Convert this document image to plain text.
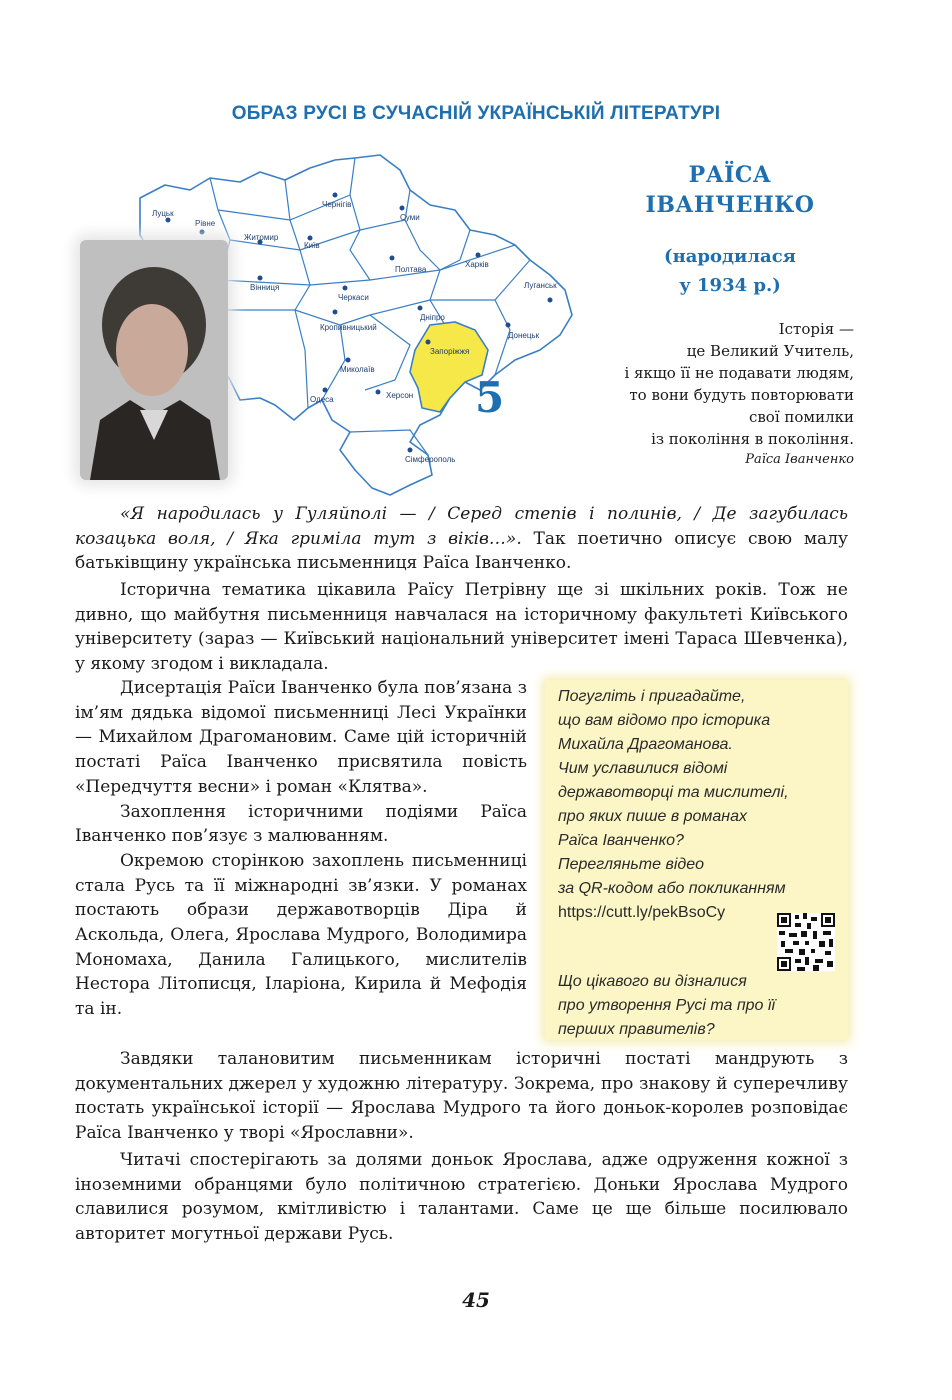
ОБРАЗ РУСІ В СУЧАСНІЙ УКРАЇНСЬКІЙ ЛІТЕРАТУРІ
5
Луцьк
Рівне
Житомир
Київ
Чернігів
Суми
Харків
Полтава
Вінниця
Черкаси
Луганськ
Кропивницький
Дніпро
Донецьк
Запоріжжя
Миколаїв
Одеса	Херсон
Сімферополь
РАЇСА
ІВАНЧЕНКО
(народилася
у 1934 р.)
Історія —
це Великий Учитель,
і якщо її не подавати людям,
то вони будуть повторювати
свої помилки
із покоління в покоління.
Раїса Іванченко

«Я народилась у Гуляйполі — / Серед степів і полинів, / Де загубилась козацька воля, / Яка гриміла тут з віків…». Так поетично описує свою малу батьківщину українська письменниця Раїса Іванченко.

Історична тематика цікавила Раїсу Петрівну ще зі шкільних років. Тож не дивно, що майбутня письменниця навчалася на історичному факультеті Київського університету (зараз — Київський національний університет імені Тараса Шевченка), у якому згодом і викладала.

Дисертація Раїси Іванченко була пов’язана з ім’ям дядька відомої письменниці Лесі Українки — Михайлом Драгомановим. Саме цій історичній постаті Раїса Іванченко присвятила повість «Передчуття весни» і роман «Клятва».

Захоплення історичними подіями Раїса Іванченко пов’язує з малюванням.

Окремою сторінкою захоплень письменниці стала Русь та її міжнародні зв’язки. У романах постають образи державотворців Діра й Аскольда, Олега, Ярослава Мудрого, Володимира Мономаха, Данила Галицького, мислителів Нестора Літописця, Іларіона, Кирила й Мефодія та ін.

Погугліть і пригадайте,
що вам відомо про історика
Михайла Драгоманова.
Чим уславилися відомі
державотворці та мислителі,
про яких пише в романах
Раїса Іванченко?
Перегляньте відео
за QR-кодом або покликанням
https://cutt.ly/pekBsoCy
Що цікавого ви дізналися
про утворення Русі та про її
перших правителів?

Завдяки талановитим письменникам історичні постаті мандрують з документальних джерел у художню літературу. Зокрема, про знакову й суперечливу постать української історії — Ярослава Мудрого та його доньок-королев розповідає Раїса Іванченко у творі «Ярославни».

Читачі спостерігають за долями доньок Ярослава, адже одруження кожної з іноземними обранцями було політичною стратегією. Доньки Ярослава Мудрого славилися розумом, кмітливістю і талантами. Саме це ще більше посилювало авторитет могутньої держави Русь.

45
